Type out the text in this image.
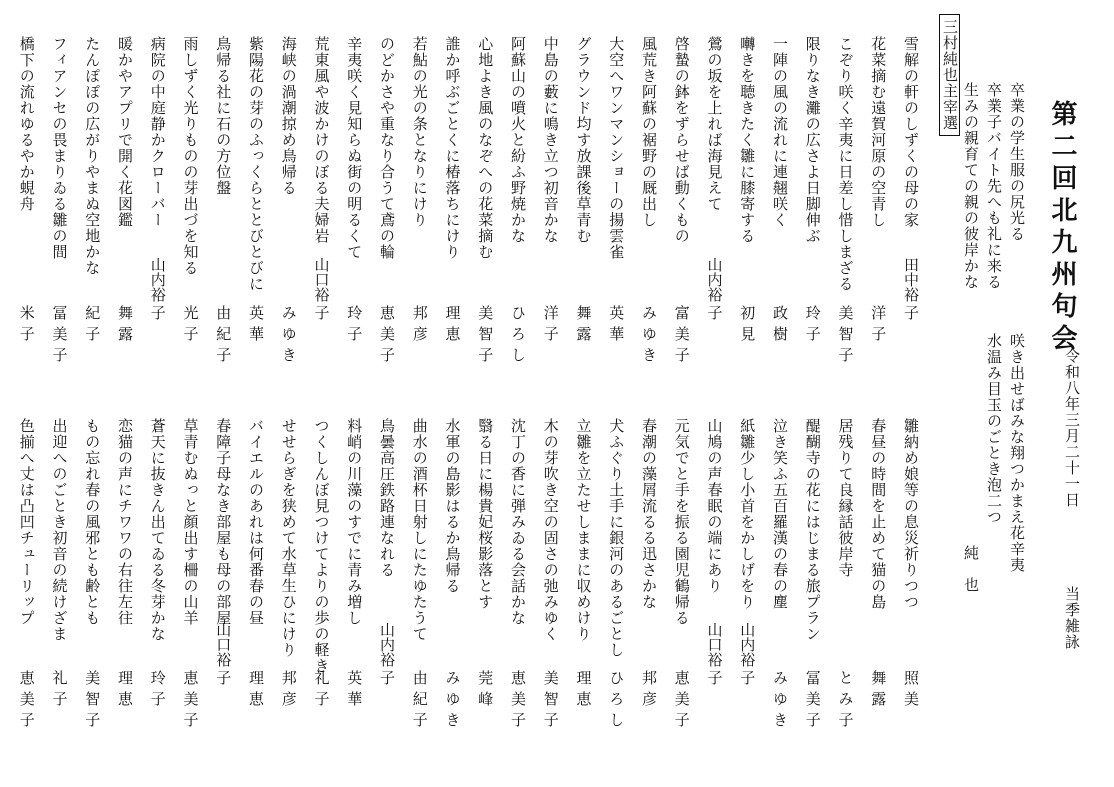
第二回北九州句会
令和八年三月二十一日
当季雑詠
卒業の学生服の尻光る
卒業子バイト先へも礼に来る
生みの親育ての親の彼岸かな
咲き出せばみな翔つかまえ花辛夷
水温み目玉のごとき泡二つ
純　也
三村純也主宰選
雪解の軒のしずくの母の家
田中裕
子
花菜摘む遠賀河原の空青し
洋子
こぞり咲く辛夷に日差し惜しまざる
美智子
限りなき灘の広さよ日脚伸ぶ
玲子
一陣の風の流れに連翹咲く
政樹
囀きを聴きたく雛に膝寄する
初見
鶯の坂を上れば海見えて
山内裕
子
啓蟄の鉢をずらせば動くもの
富美子
風荒き阿蘇の裾野の厩出し
みゆき
大空へワンマンショーの揚雲雀
英華
グラウンド均す放課後草青む
舞露
中島の藪に鳴き立つ初音かな
洋子
阿蘇山の噴火と紛ふ野焼かな
ひろし
心地よき風のなぞへの花菜摘む
美智子
誰か呼ぶごとくに椿落ちにけり
理恵
若鮎の光の条となりにけり
邦彦
のどかさや重なり合うて鳶の輪
恵美子
辛夷咲く見知らぬ街の明るくて
玲子
荒東風や波かけのぼる夫婦岩
山口裕
子
海峡の渦潮掠め鳥帰る
みゆき
紫陽花の芽のふっくらととびとびに
英華
鳥帰る社に石の方位盤
由紀子
雨しずく光りものの芽出づを知る
光子
病院の中庭静かクローバー
山内裕
子
暖かやアプリで開く花図鑑
舞露
たんぽぽの広がりやまぬ空地かな
紀子
フィアンセの畏まりゐる雛の間
冨美子
橋下の流れゆるやか蜆舟
米子
雛納め娘等の息災祈りつつ
照美
春昼の時間を止めて猫の島
舞露
居残りて良縁話彼岸寺
とみ子
醍醐寺の花にはじまる旅プラン
冨美子
泣き笑ふ五百羅漢の春の塵
みゆき
紙雛少し小首をかしげをり
山内裕
子
山鳩の声春眠の端にあり
山口裕
子
元気でと手を振る園児鶴帰る
恵美子
春潮の藻屑流るる迅さかな
邦彦
犬ふぐり土手に銀河のあるごとし
ひろし
立雛を立たせしままに収めけり
理恵
木の芽吹き空の固さの弛みゆく
美智子
沈丁の香に弾みゐる会話かな
恵美子
翳る日に楊貴妃桜影落とす
莞峰
水軍の島影はるか鳥帰る
みゆき
曲水の酒杯日射しにたゆたうて
由紀子
鳥曇高圧鉄路連なれる
山内裕
子
料峭の川藻のすでに青み増し
英華
つくしんぼ見つけてよりの歩の軽き
礼子
せせらぎを狭めて水草生ひにけり
邦彦
バイエルのあれは何番春の昼
理恵
春障子母なき部屋も母の部屋
山口裕
子
草青むぬっと顔出す柵の山羊
恵美子
蒼天に抜きん出てゐる冬芽かな
玲子
恋猫の声にチワワの右往左往
理恵
もの忘れ春の風邪とも齢とも
美智子
出迎へのごとき初音の続けざま
礼子
色揃へ丈は凸凹チューリップ
恵美子
